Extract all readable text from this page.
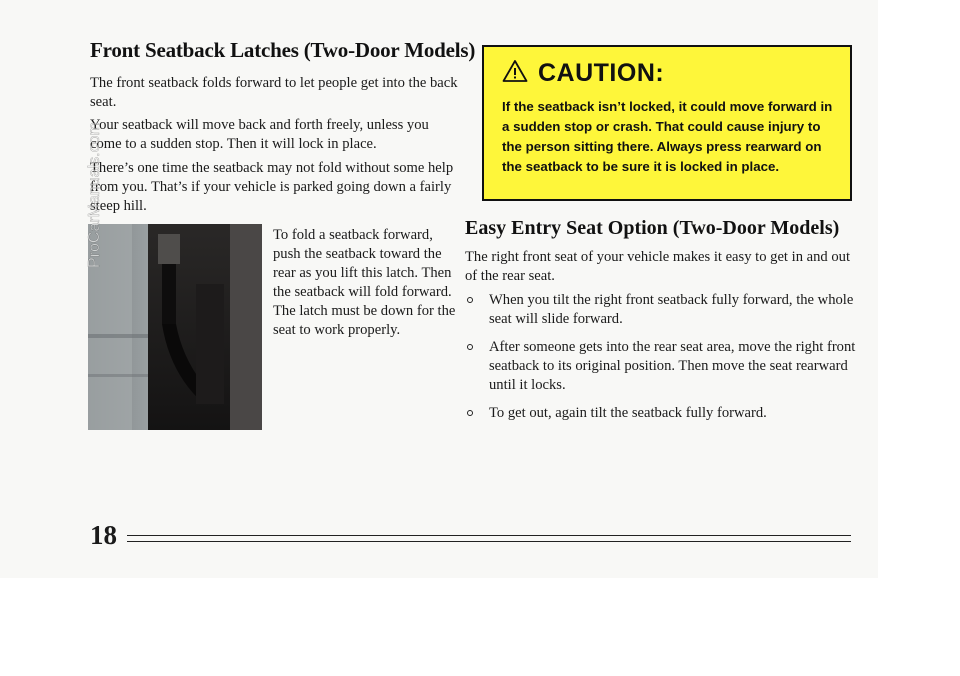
Front Seatback Latches (Two-Door Models)

The front seatback folds forward to let people get into the back seat.

Your seatback will move back and forth freely, unless you come to a sudden stop. Then it will lock in place.

There’s one time the seatback may not fold without some help from you. That’s if your vehicle is parked going down a fairly steep hill.

ProCarManuals.com	To fold a seatback forward, push the seatback toward the rear as you lift this latch. Then the seatback will fold forward. The latch must be down for the seat to work properly.

CAUTION:

If the seatback isn’t locked, it could move forward in a sudden stop or crash. That could cause injury to the person sitting there. Always press rearward on the seatback to be sure it is locked in place.

Easy Entry Seat Option (Two-Door Models)

The right front seat of your vehicle makes it easy to get in and out of the rear seat.

When you tilt the right front seatback fully forward, the whole seat will slide forward.
After someone gets into the rear seat area, move the right front seatback to its original position. Then move the seat rearward until it locks.
To get out, again tilt the seatback fully forward.
18
